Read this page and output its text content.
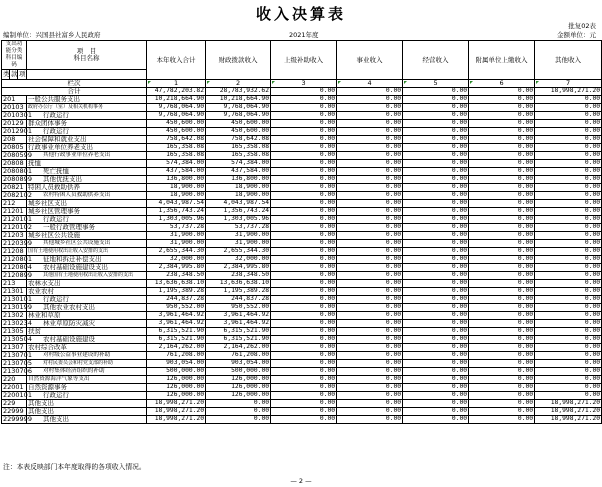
收入决算表
批复02表
编制单位：兴国县社富乡人民政府	2021年度	金额单位：元
支出功能分类科目编码			项　目
科目名称	本年收入合计	财政拨款收入	上级补助收入	事业收入	经营收入	附属单位上缴收入	其他收入
类	款	项								
栏次				1	2	3	4	5	6	7
合计				47,782,203.82	28,783,932.62	0.00	0.00	0.00	0.00	18,998,271.20
201			一般公共服务支出	10,218,664.90	10,218,664.90	0.00	0.00	0.00	0.00	0.00
20103			政府办公厅（室）及相关机构事务	9,768,064.90	9,768,064.90	0.00	0.00	0.00	0.00	0.00
2010301			行政运行	9,768,064.90	9,768,064.90	0.00	0.00	0.00	0.00	0.00
20129			群众团体事务	450,600.00	450,600.00	0.00	0.00	0.00	0.00	0.00
2012901			行政运行	450,600.00	450,600.00	0.00	0.00	0.00	0.00	0.00
208			社会保障和就业支出	758,642.08	758,642.08	0.00	0.00	0.00	0.00	0.00
20805			行政事业单位养老支出	165,358.08	165,358.08	0.00	0.00	0.00	0.00	0.00
2080599			其他行政事业单位养老支出	165,358.08	165,358.08	0.00	0.00	0.00	0.00	0.00
20808			抚恤	574,384.00	574,384.00	0.00	0.00	0.00	0.00	0.00
2080801			死亡抚恤	437,584.00	437,584.00	0.00	0.00	0.00	0.00	0.00
2080899			其他优抚支出	136,800.00	136,800.00	0.00	0.00	0.00	0.00	0.00
20821			特困人员救助供养	18,900.00	18,900.00	0.00	0.00	0.00	0.00	0.00
2082102			农村特困人员救助供养支出	18,900.00	18,900.00	0.00	0.00	0.00	0.00	0.00
212			城乡社区支出	4,043,987.54	4,043,987.54	0.00	0.00	0.00	0.00	0.00
21201			城乡社区管理事务	1,356,743.24	1,356,743.24	0.00	0.00	0.00	0.00	0.00
2120101			行政运行	1,303,005.96	1,303,005.96	0.00	0.00	0.00	0.00	0.00
2120102			一般行政管理事务	53,737.28	53,737.28	0.00	0.00	0.00	0.00	0.00
21203			城乡社区公共设施	31,900.00	31,900.00	0.00	0.00	0.00	0.00	0.00
2120399			其他城乡社区公共设施支出	31,900.00	31,900.00	0.00	0.00	0.00	0.00	0.00
21208			国有土地使用权出让收入安排的支出	2,655,344.30	2,655,344.30	0.00	0.00	0.00	0.00	0.00
2120801			征地和拆迁补偿支出	32,000.00	32,000.00	0.00	0.00	0.00	0.00	0.00
2120804			农村基础设施建设支出	2,384,995.80	2,384,995.80	0.00	0.00	0.00	0.00	0.00
2120899			其他国有土地使用权出让收入安排的支出	238,348.50	238,348.50	0.00	0.00	0.00	0.00	0.00
213			农林水支出	13,636,638.10	13,636,638.10	0.00	0.00	0.00	0.00	0.00
21301			农业农村	1,195,389.28	1,195,389.28	0.00	0.00	0.00	0.00	0.00
2130101			行政运行	244,837.28	244,837.28	0.00	0.00	0.00	0.00	0.00
2130199			其他农业农村支出	950,552.00	950,552.00	0.00	0.00	0.00	0.00	0.00
21302			林业和草原	3,961,464.92	3,961,464.92	0.00	0.00	0.00	0.00	0.00
2130234			林业草原防灾减灾	3,961,464.92	3,961,464.92	0.00	0.00	0.00	0.00	0.00
21305			扶贫	6,315,521.90	6,315,521.90	0.00	0.00	0.00	0.00	0.00
2130504			农村基础设施建设	6,315,521.90	6,315,521.90	0.00	0.00	0.00	0.00	0.00
21307			农村综合改革	2,164,262.00	2,164,262.00	0.00	0.00	0.00	0.00	0.00
2130701			对村级公益事业建设的补助	761,208.00	761,208.00	0.00	0.00	0.00	0.00	0.00
2130705			对村民委员会和村党支部的补助	903,054.00	903,054.00	0.00	0.00	0.00	0.00	0.00
2130706			对村集体经济组织的补助	500,000.00	500,000.00	0.00	0.00	0.00	0.00	0.00
220			自然资源海洋气象等支出	126,000.00	126,000.00	0.00	0.00	0.00	0.00	0.00
22001			自然资源事务	126,000.00	126,000.00	0.00	0.00	0.00	0.00	0.00
2200101			行政运行	126,000.00	126,000.00	0.00	0.00	0.00	0.00	0.00
229			其他支出	18,998,271.20	0.00	0.00	0.00	0.00	0.00	18,998,271.20
22999			其他支出	18,998,271.20	0.00	0.00	0.00	0.00	0.00	18,998,271.20
2299999			其他支出	18,998,271.20	0.00	0.00	0.00	0.00	0.00	18,998,271.20
注：本表反映部门本年度取得的各项收入情况。
— 2 —
